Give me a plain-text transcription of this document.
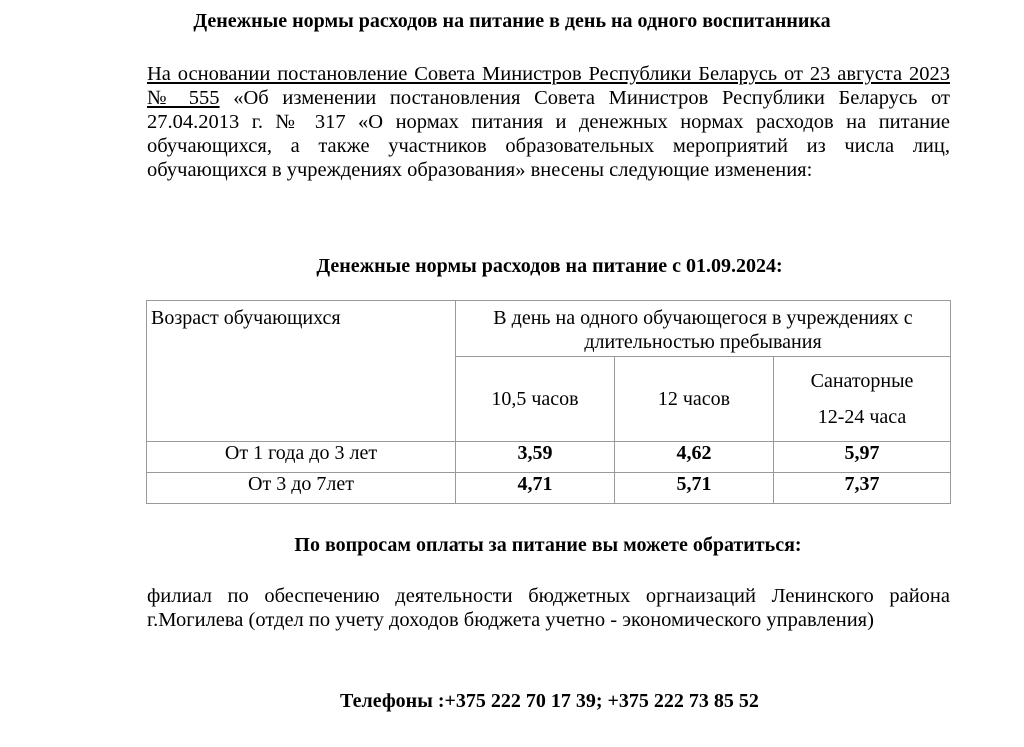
Денежные нормы расходов на питание в день на одного воспитанника
На основании постановление Совета Министров Республики Беларусь от 23 августа 2023 № 555 «Об изменении постановления Совета Министров Республики Беларусь от 27.04.2013 г. № 317 «О нормах питания и денежных нормах расходов на питание обучающихся, а также участников образовательных мероприятий из числа лиц, обучающихся в учреждениях образования» внесены следующие изменения:
Денежные нормы расходов на питание с 01.09.2024:
Возраст обучающихся	В день на одного обучающегося в учреждениях с длительностью пребывания		
	10,5 часов	12 часов	Санаторные
12-24 часа
От 1 года до 3 лет	3,59	4,62	5,97
От 3 до 7лет	4,71	5,71	7,37
По вопросам оплаты за питание вы можете обратиться:
филиал по обеспечению деятельности бюджетных оргнаизаций Ленинского района г.Могилева (отдел по учету доходов бюджета учетно - экономического управления)
Телефоны :+375 222 70 17 39; +375 222 73 85 52
